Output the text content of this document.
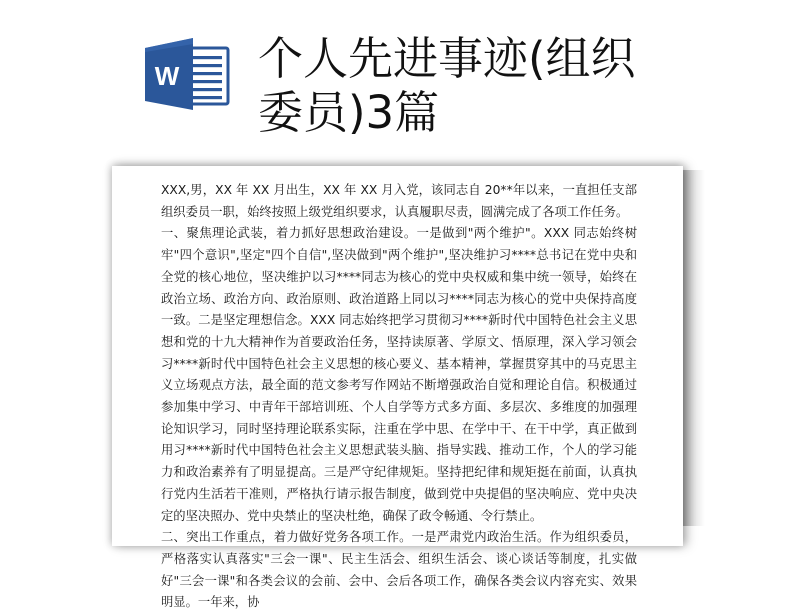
W 个人先进事迹(组织
委员)3篇

XXX,男，XX 年 XX 月出生，XX 年 XX 月入党，该同志自 20**年以来，一直担任支部组织委员一职，始终按照上级党组织要求，认真履职尽责，圆满完成了各项工作任务。

一、聚焦理论武装，着力抓好思想政治建设。一是做到"两个维护"。XXX 同志始终树牢"四个意识",坚定"四个自信",坚决做到"两个维护",坚决维护习****总书记在党中央和全党的核心地位，坚决维护以习****同志为核心的党中央权威和集中统一领导，始终在政治立场、政治方向、政治原则、政治道路上同以习****同志为核心的党中央保持高度一致。二是坚定理想信念。XXX 同志始终把学习贯彻习****新时代中国特色社会主义思想和党的十九大精神作为首要政治任务，坚持读原著、学原文、悟原理，深入学习领会习****新时代中国特色社会主义思想的核心要义、基本精神，掌握贯穿其中的马克思主义立场观点方法，最全面的范文参考写作网站不断增强政治自觉和理论自信。积极通过参加集中学习、中青年干部培训班、个人自学等方式多方面、多层次、多维度的加强理论知识学习，同时坚持理论联系实际，注重在学中思、在学中干、在干中学，真正做到用习****新时代中国特色社会主义思想武装头脑、指导实践、推动工作，个人的学习能力和政治素养有了明显提高。三是严守纪律规矩。坚持把纪律和规矩挺在前面，认真执行党内生活若干准则，严格执行请示报告制度，做到党中央提倡的坚决响应、党中央决定的坚决照办、党中央禁止的坚决杜绝，确保了政令畅通、令行禁止。

二、突出工作重点，着力做好党务各项工作。一是严肃党内政治生活。作为组织委员，严格落实认真落实"三会一课"、民主生活会、组织生活会、谈心谈话等制度，扎实做好"三会一课"和各类会议的会前、会中、会后各项工作，确保各类会议内容充实、效果明显。一年来，协
